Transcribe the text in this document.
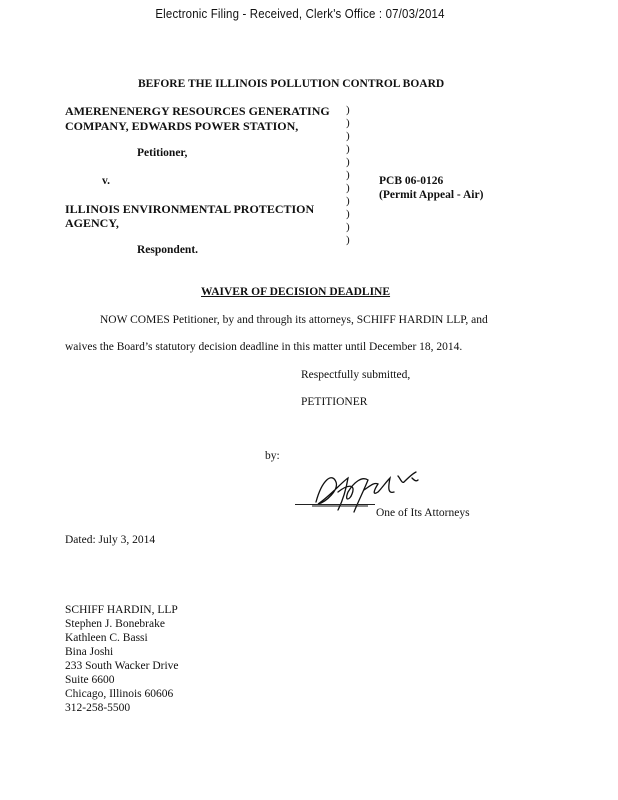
Electronic Filing - Received, Clerk's Office : 07/03/2014
BEFORE THE ILLINOIS POLLUTION CONTROL BOARD
AMERENENERGY RESOURCES GENERATING
COMPANY, EDWARDS POWER STATION,
Petitioner,
v.
ILLINOIS ENVIRONMENTAL PROTECTION
AGENCY,
Respondent.
)
)
)
)
)
)
)
)
)
)
)
PCB 06-0126
(Permit Appeal - Air)
WAIVER OF DECISION DEADLINE
NOW COMES Petitioner, by and through its attorneys, SCHIFF HARDIN LLP, and
waives the Board’s statutory decision deadline in this matter until December 18, 2014.
Respectfully submitted,
PETITIONER
by:
One of Its Attorneys
Dated: July 3, 2014
SCHIFF HARDIN, LLP
Stephen J. Bonebrake
Kathleen C. Bassi
Bina Joshi
233 South Wacker Drive
Suite 6600
Chicago, Illinois 60606
312-258-5500
